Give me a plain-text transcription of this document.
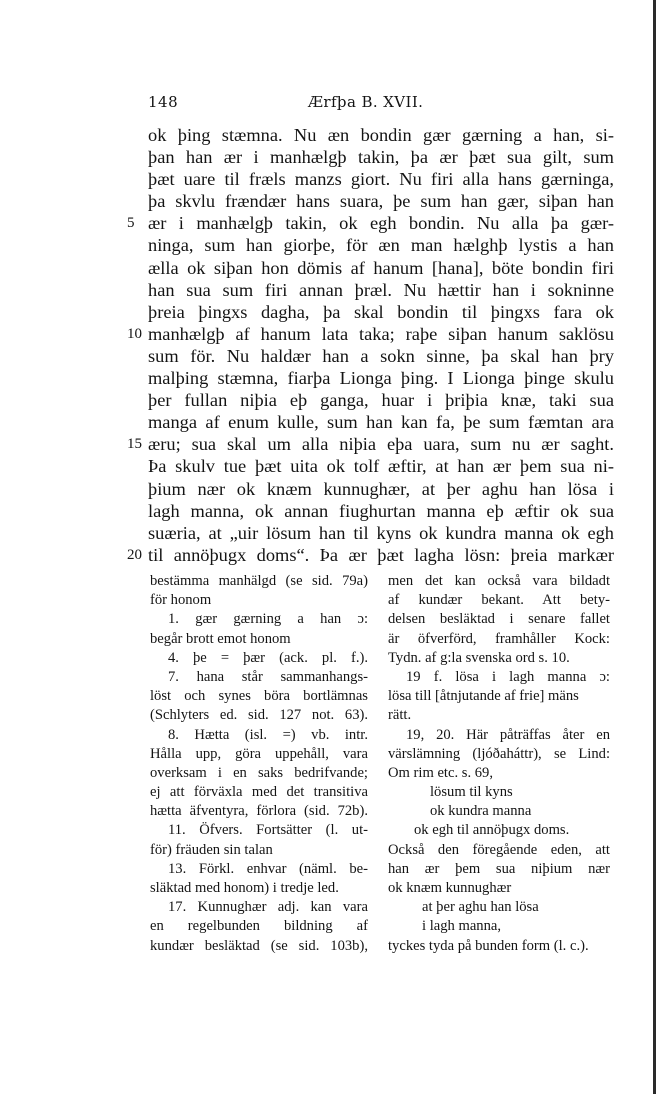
148	Ærfþa B. XVII.
ok þing stæmna. Nu æn bondin gær gærning a han, si-
þan han ær i manhælgþ takin, þa ær þæt sua gilt, sum
þæt uare til fræls manzs giort. Nu firi alla hans gærninga,
þa skvlu frændær hans suara, þe sum han gær, siþan han
5 ær i manhælgþ takin, ok egh bondin. Nu alla þa gær-
ninga, sum han giorþe, för æn man hælghþ lystis a han
ælla ok siþan hon dömis af hanum [hana], böte bondin firi
han sua sum firi annan þræl. Nu hættir han i sokninne
þreia þingxs dagha, þa skal bondin til þingxs fara ok
10 manhælgþ af hanum lata taka; raþe siþan hanum saklösu
sum för. Nu haldær han a sokn sinne, þa skal han þry
malþing stæmna, fiarþa Lionga þing. I Lionga þinge skulu
þer fullan niþia eþ ganga, huar i þriþia knæ, taki sua
manga af enum kulle, sum han kan fa, þe sum fæmtan ara
15 æru; sua skal um alla niþia eþa uara, sum nu ær saght.
Þa skulv tue þæt uita ok tolf æftir, at han ær þem sua ni-
þium nær ok knæm kunnughær, at þer aghu han lösa i
lagh manna, ok annan fiughurtan manna eþ æftir ok sua
suæria, at „uir lösum han til kyns ok kundra manna ok egh
20 til annöþugx doms“. Þa ær þæt lagha lösn: þreia markær
bestämma manhälgd (se sid. 79a)
för honom
1. gær gærning a han ɔ:
begår brott emot honom
4. þe = þær (ack. pl. f.).
7. hana står sammanhangs-
löst och synes böra bortlämnas
(Schlyters ed. sid. 127 not. 63).
8. Hætta (isl. =) vb. intr.
Hålla upp, göra uppehåll, vara
overksam i en saks bedrifvande;
ej att förväxla med det transitiva
hætta äfventyra, förlora (sid. 72b).
11. Öfvers. Fortsätter (l. ut-
för) fräuden sin talan
13. Förkl. enhvar (näml. be-
släktad med honom) i tredje led.
17. Kunnughær adj. kan vara
en regelbunden bildning af
kundær besläktad (se sid. 103b),
men det kan också vara bildadt
af kundær bekant. Att bety-
delsen besläktad i senare fallet
är öfverförd, framhåller Kock:
Tydn. af g:la svenska ord s. 10.
19 f. lösa i lagh manna ɔ:
lösa till [åtnjutande af frie] mäns
rätt.
19, 20. Här påträffas åter en
värslämning (ljóðaháttr), se Lind:
Om rim etc. s. 69,
lösum til kyns
ok kundra manna
ok egh til annöþugx doms.
Också den föregående eden, att
han ær þem sua niþium nær
ok knæm kunnughær
at þer aghu han lösa
i lagh manna,
tyckes tyda på bunden form (l. c.).
